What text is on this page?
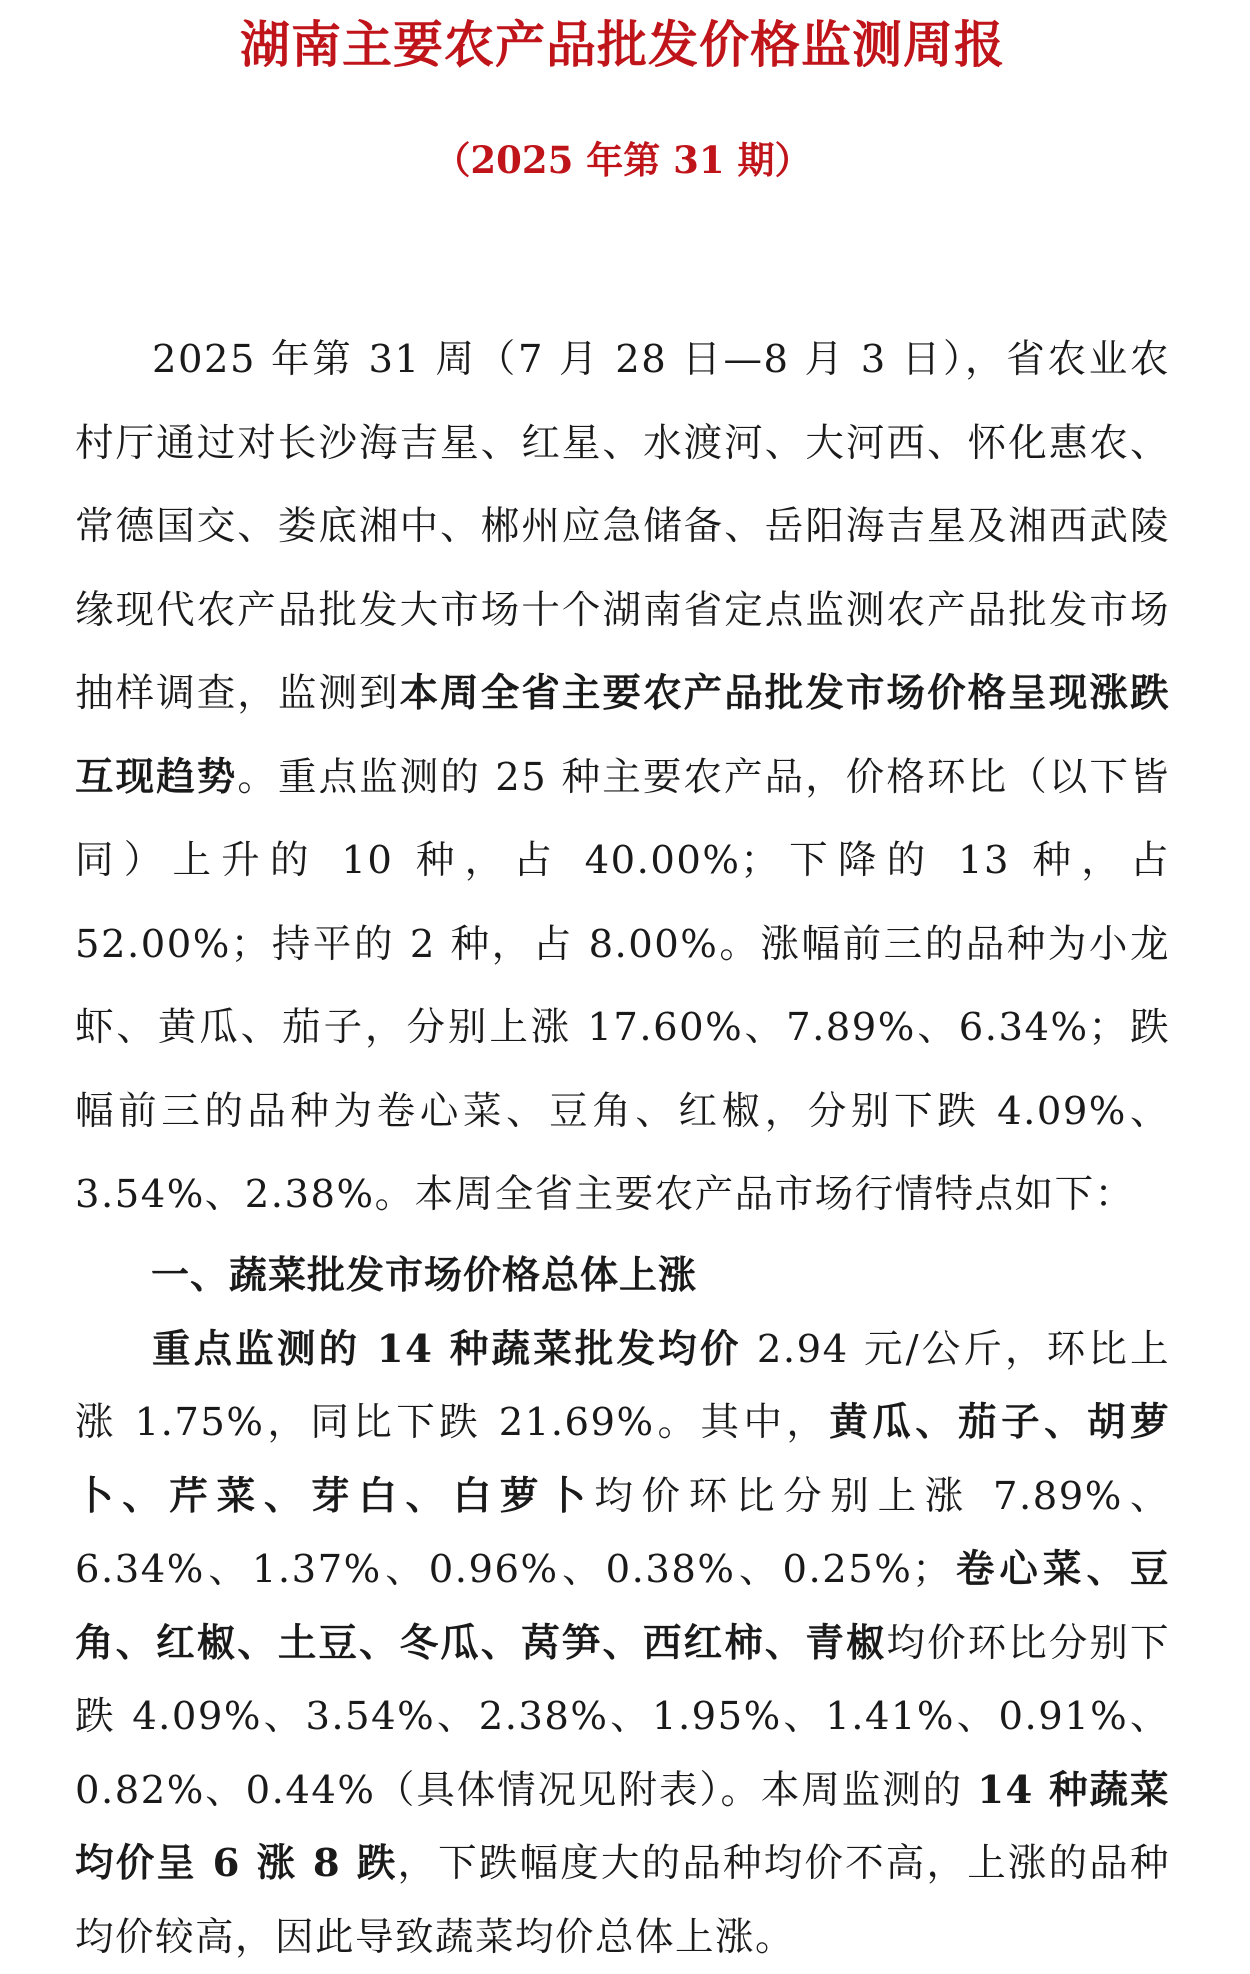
湖南主要农产品批发价格监测周报
（2025 年第 31 期）

2025 年第 31 周（7 月 28 日—8 月 3 日），省农业农村厅通过对长沙海吉星、红星、水渡河、大河西、怀化惠农、常德国交、娄底湘中、郴州应急储备、岳阳海吉星及湘西武陵缘现代农产品批发大市场十个湖南省定点监测农产品批发市场抽样调查，监测到本周全省主要农产品批发市场价格呈现涨跌互现趋势。重点监测的 25 种主要农产品，价格环比（以下皆同）上升的 10 种，占 40.00%；下降的 13 种，占 52.00%；持平的 2 种，占 8.00%。涨幅前三的品种为小龙虾、黄瓜、茄子，分别上涨 17.60%、7.89%、6.34%；跌幅前三的品种为卷心菜、豆角、红椒，分别下跌 4.09%、3.54%、2.38%。本周全省主要农产品市场行情特点如下：

一、蔬菜批发市场价格总体上涨

重点监测的 14 种蔬菜批发均价 2.94 元/公斤，环比上涨 1.75%，同比下跌 21.69%。其中，黄瓜、茄子、胡萝卜、芹菜、芽白、白萝卜均价环比分别上涨 7.89%、6.34%、1.37%、0.96%、0.38%、0.25%；卷心菜、豆角、红椒、土豆、冬瓜、莴笋、西红柿、青椒均价环比分别下跌 4.09%、3.54%、2.38%、1.95%、1.41%、0.91%、0.82%、0.44%（具体情况见附表）。本周监测的 14 种蔬菜均价呈 6 涨 8 跌，下跌幅度大的品种均价不高，上涨的品种均价较高，因此导致蔬菜均价总体上涨。
